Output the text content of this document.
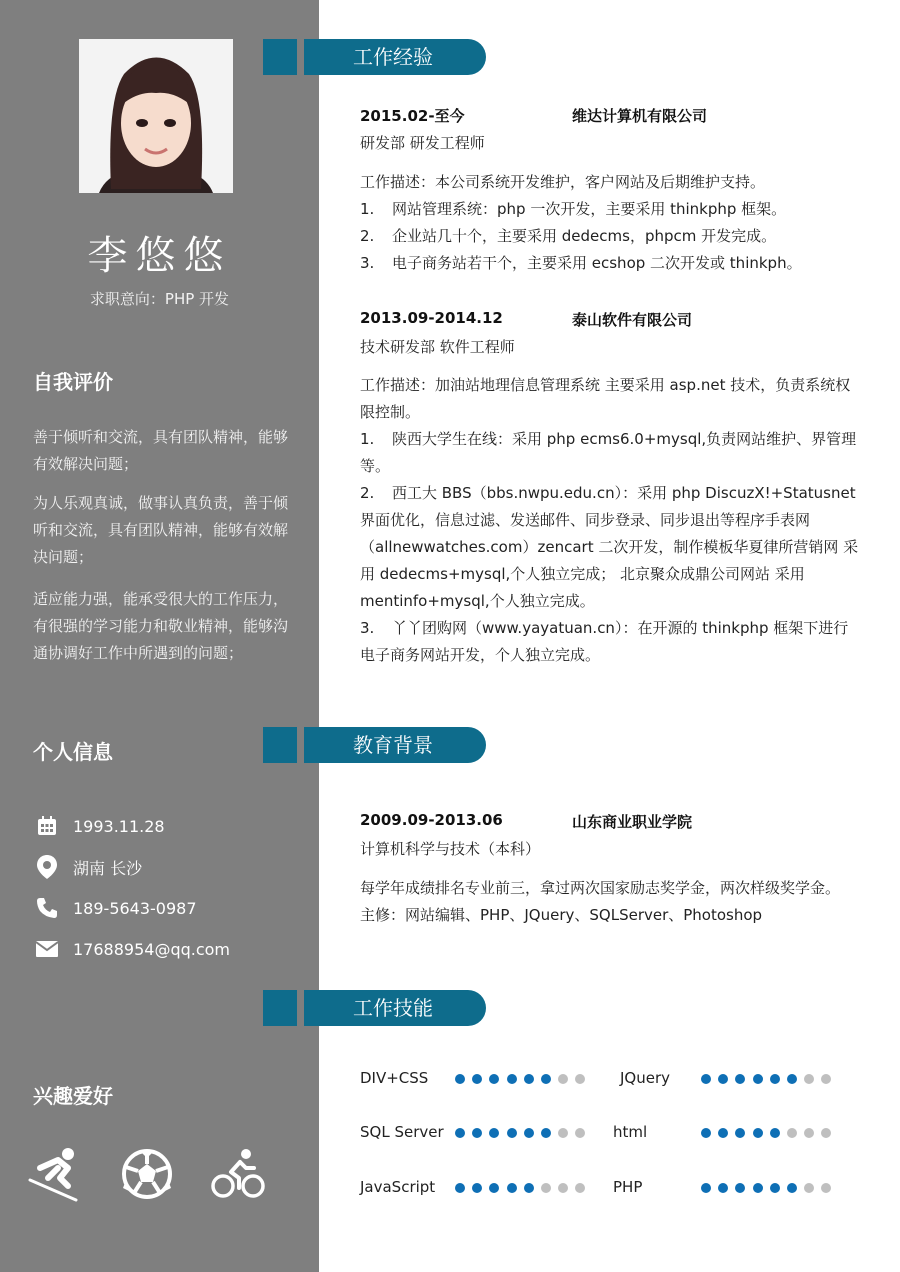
李悠悠
求职意向：PHP 开发
自我评价
善于倾听和交流，具有团队精神，能够有效解决问题；
为人乐观真诚，做事认真负责，善于倾听和交流，具有团队精神，能够有效解决问题；
适应能力强，能承受很大的工作压力，有很强的学习能力和敬业精神，能够沟通协调好工作中所遇到的问题；
个人信息
1993.11.28
湖南 长沙
189-5643-0987
17688954@qq.com
兴趣爱好
工作经验
2015.02-至今	维达计算机有限公司
研发部 研发工程师
工作描述：本公司系统开发维护，客户网站及后期维护支持。
1.	网站管理系统：php 一次开发，主要采用 thinkphp 框架。
2.	企业站几十个，主要采用 dedecms，phpcm 开发完成。
3.	电子商务站若干个，主要采用 ecshop 二次开发或 thinkph。
2013.09-2014.12	泰山软件有限公司
技术研发部 软件工程师
工作描述：加油站地理信息管理系统 主要采用 asp.net 技术，负责系统权限控制。
1. 陕西大学生在线：采用 php ecms6.0+mysql,负责网站维护、界管理等。
2. 西工大 BBS（bbs.nwpu.edu.cn）：采用 php DiscuzX!+Statusnet 界面优化，信息过滤、发送邮件、同步登录、同步退出等程序手表网（allnewwatches.com）zencart 二次开发，制作模板华夏律所营销网 采用 dedecms+mysql,个人独立完成； 北京聚众成鼎公司网站 采用 mentinfo+mysql,个人独立完成。
3. 丫丫团购网（www.yayatuan.cn）：在开源的 thinkphp 框架下进行电子商务网站开发，个人独立完成。
教育背景
2009.09-2013.06	山东商业职业学院
计算机科学与技术（本科）
每学年成绩排名专业前三，拿过两次国家励志奖学金，两次样级奖学金。
主修：网站编辑、PHP、JQuery、SQLServer、Photoshop
工作技能
DIV+CSS	JQuery
SQL Server	html
JavaScript	PHP
